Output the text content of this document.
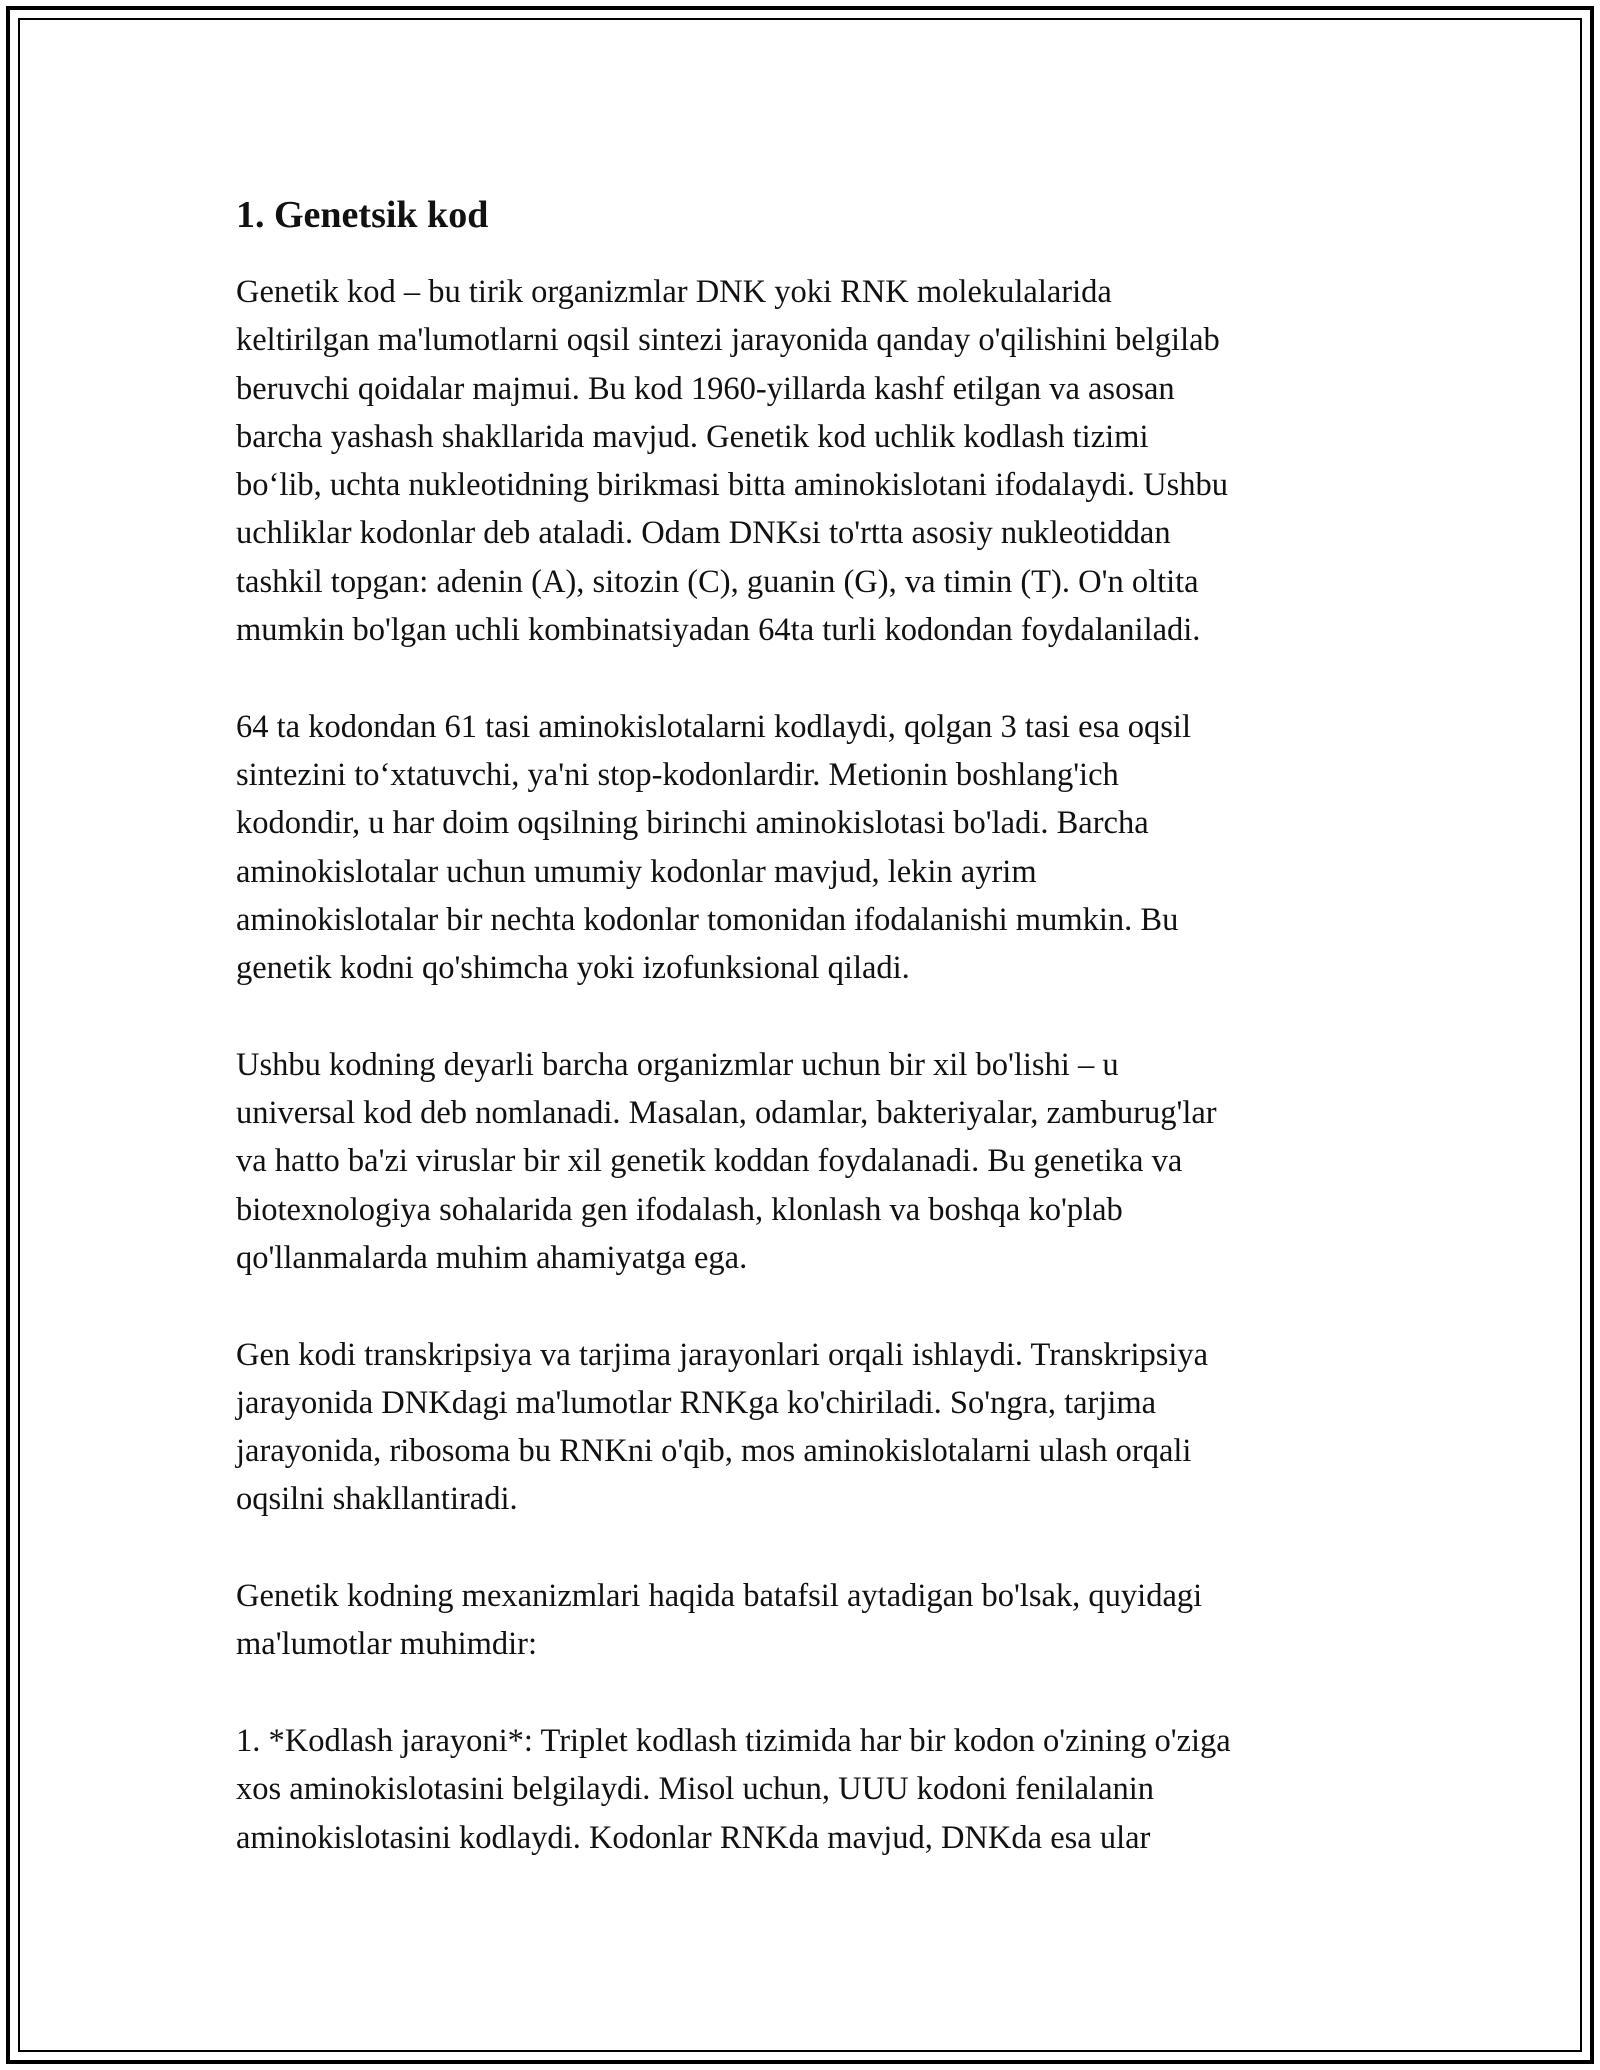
1. Genetsik kod

Genetik kod – bu tirik organizmlar DNK yoki RNK molekulalarida
keltirilgan ma'lumotlarni oqsil sintezi jarayonida qanday o'qilishini belgilab
beruvchi qoidalar majmui. Bu kod 1960-yillarda kashf etilgan va asosan
barcha yashash shakllarida mavjud. Genetik kod uchlik kodlash tizimi
bo‘lib, uchta nukleotidning birikmasi bitta aminokislotani ifodalaydi. Ushbu
uchliklar kodonlar deb ataladi. Odam DNKsi to'rtta asosiy nukleotiddan
tashkil topgan: adenin (A), sitozin (C), guanin (G), va timin (T). O'n oltita
mumkin bo'lgan uchli kombinatsiyadan 64ta turli kodondan foydalaniladi.

64 ta kodondan 61 tasi aminokislotalarni kodlaydi, qolgan 3 tasi esa oqsil
sintezini to‘xtatuvchi, ya'ni stop-kodonlardir. Metionin boshlang'ich
kodondir, u har doim oqsilning birinchi aminokislotasi bo'ladi. Barcha
aminokislotalar uchun umumiy kodonlar mavjud, lekin ayrim
aminokislotalar bir nechta kodonlar tomonidan ifodalanishi mumkin. Bu
genetik kodni qo'shimcha yoki izofunksional qiladi.

Ushbu kodning deyarli barcha organizmlar uchun bir xil bo'lishi – u
universal kod deb nomlanadi. Masalan, odamlar, bakteriyalar, zamburug'lar
va hatto ba'zi viruslar bir xil genetik koddan foydalanadi. Bu genetika va
biotexnologiya sohalarida gen ifodalash, klonlash va boshqa ko'plab
qo'llanmalarda muhim ahamiyatga ega.

Gen kodi transkripsiya va tarjima jarayonlari orqali ishlaydi. Transkripsiya
jarayonida DNKdagi ma'lumotlar RNKga ko'chiriladi. So'ngra, tarjima
jarayonida, ribosoma bu RNKni o'qib, mos aminokislotalarni ulash orqali
oqsilni shakllantiradi.

Genetik kodning mexanizmlari haqida batafsil aytadigan bo'lsak, quyidagi
ma'lumotlar muhimdir:

1. *Kodlash jarayoni*: Triplet kodlash tizimida har bir kodon o'zining o'ziga
xos aminokislotasini belgilaydi. Misol uchun, UUU kodoni fenilalanin
aminokislotasini kodlaydi. Kodonlar RNKda mavjud, DNKda esa ular
